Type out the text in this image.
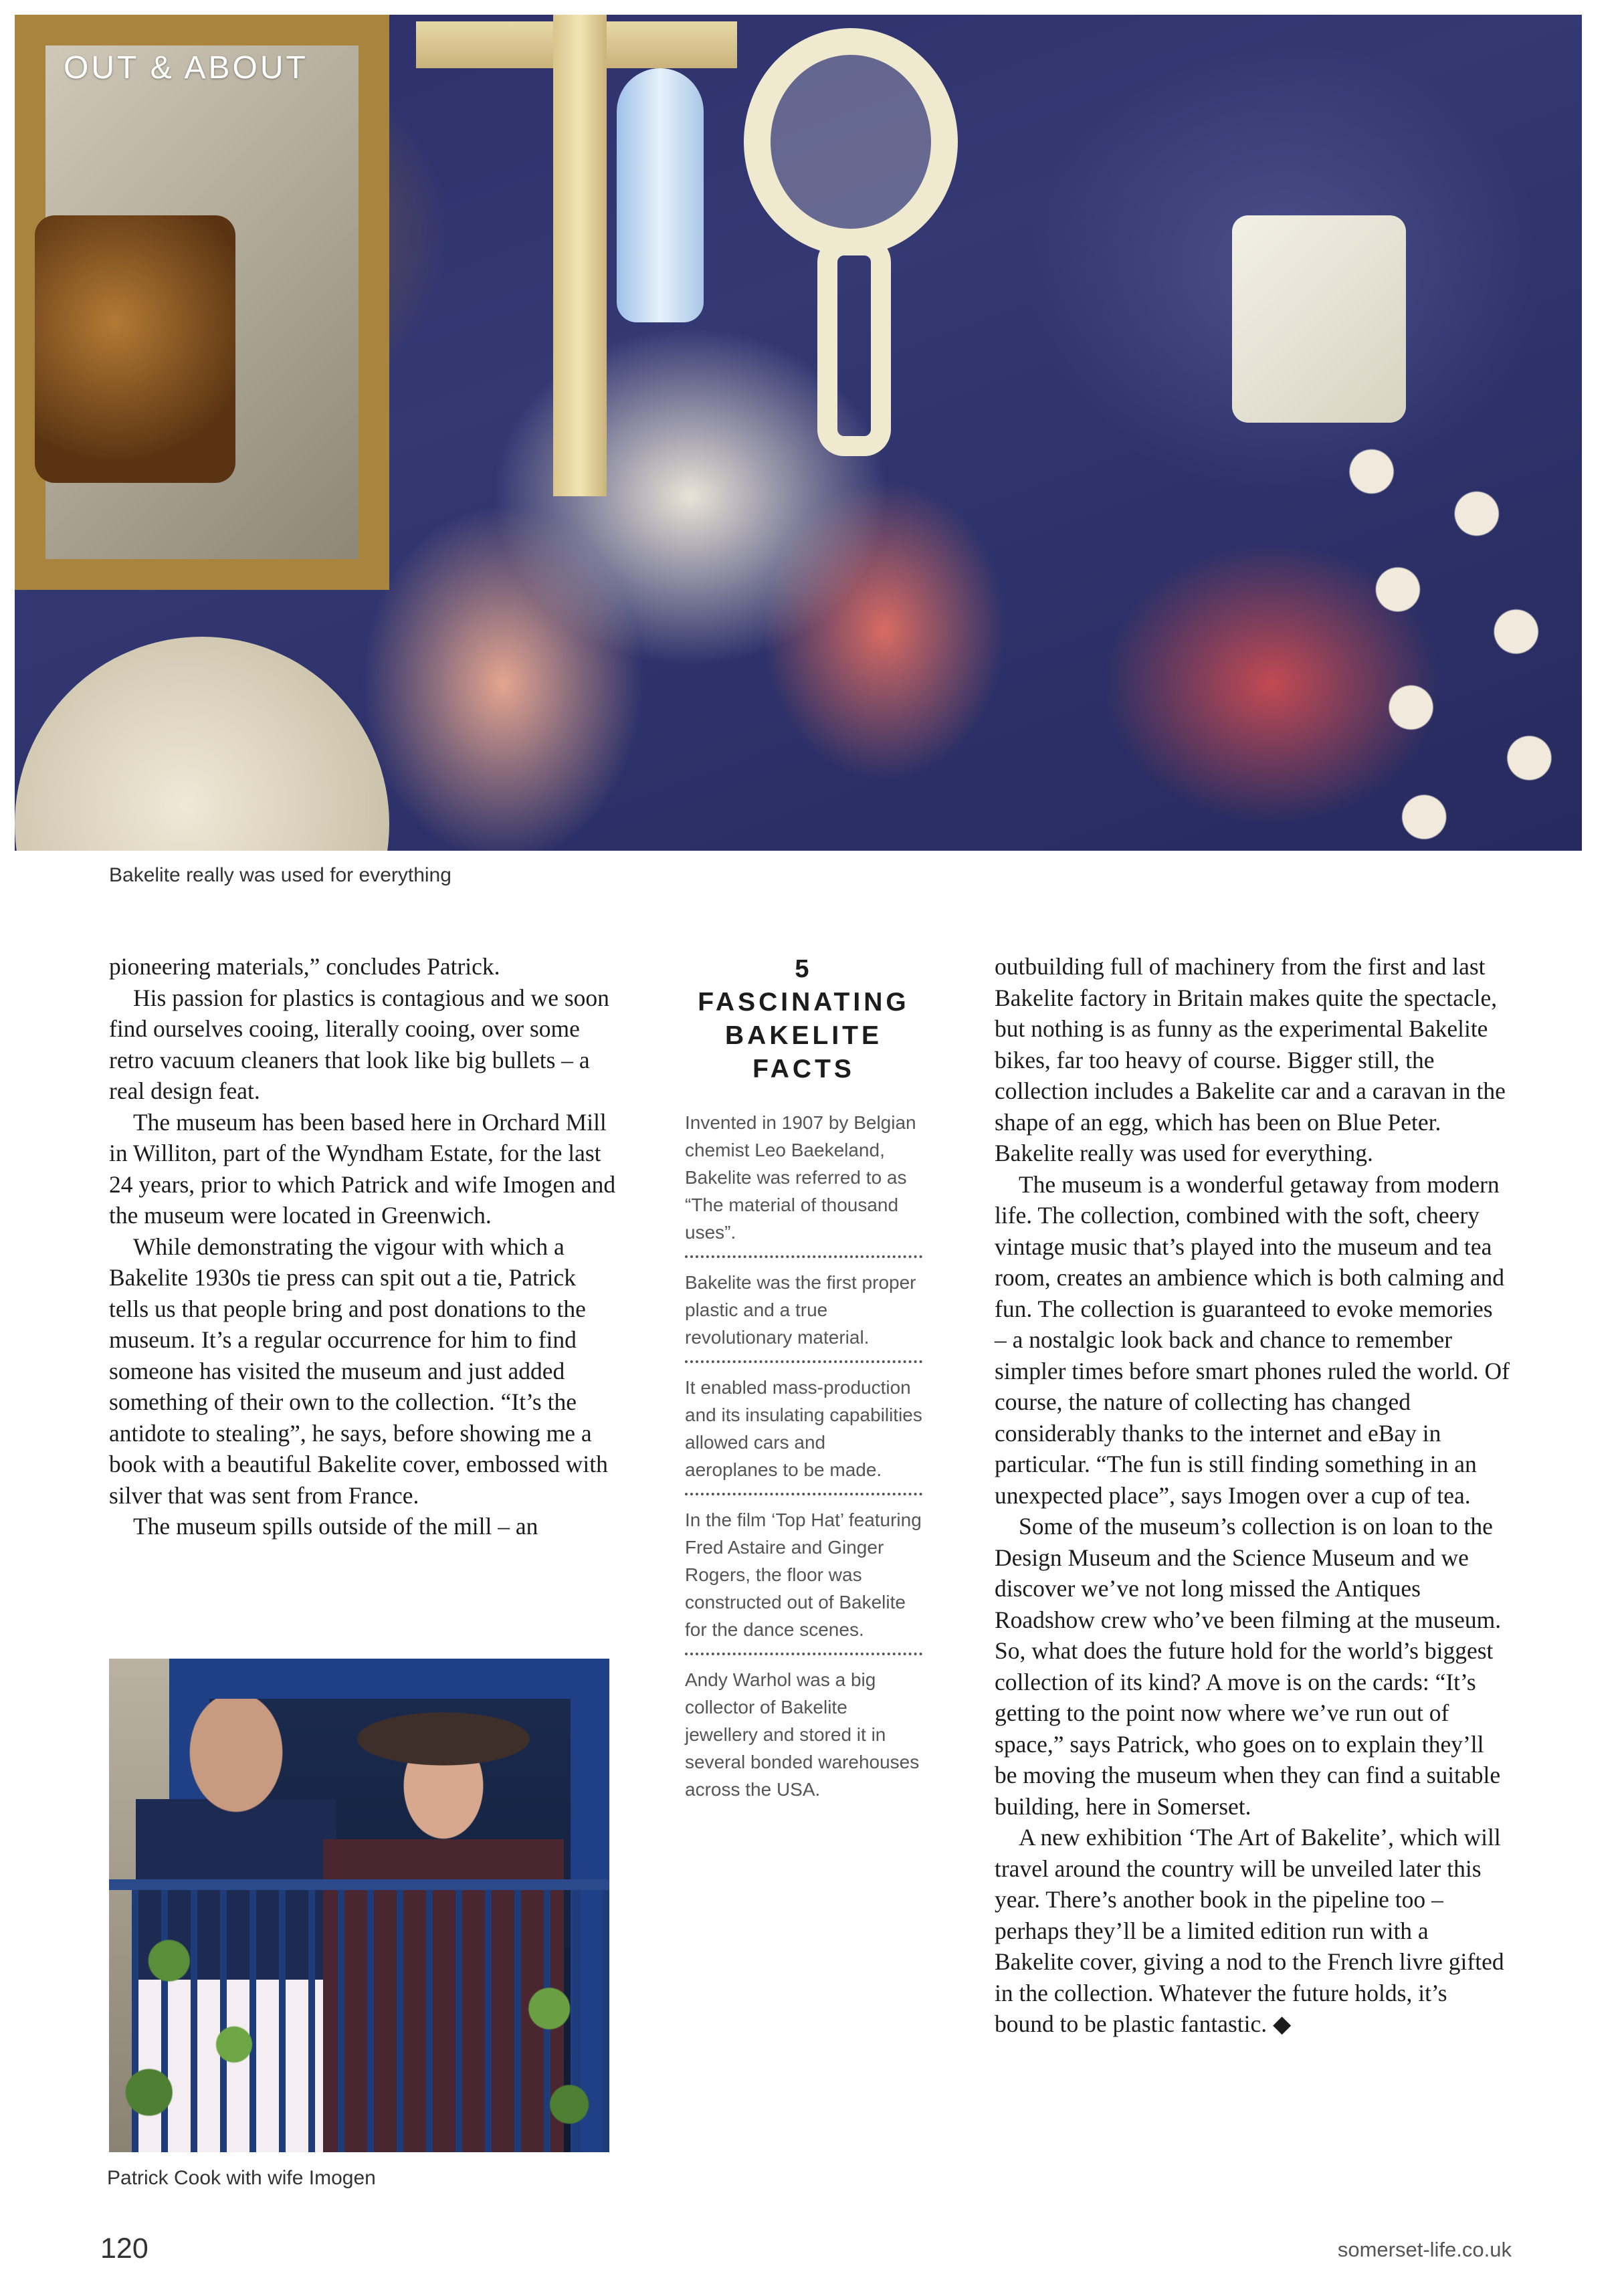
OUT & ABOUT

Bakelite really was used for everything

pioneering materials,” concludes Patrick.

His passion for plastics is contagious and we soon find ourselves cooing, literally cooing, over some retro vacuum cleaners that look like big bullets – a real design feat.

The museum has been based here in Orchard Mill in Williton, part of the Wyndham Estate, for the last 24 years, prior to which Patrick and wife Imogen and the museum were located in Greenwich.

While demonstrating the vigour with which a Bakelite 1930s tie press can spit out a tie, Patrick tells us that people bring and post donations to the museum. It’s a regular occurrence for him to find someone has visited the museum and just added something of their own to the collection. “It’s the antidote to stealing”, he says, before showing me a book with a beautiful Bakelite cover, embossed with silver that was sent from France.

The museum spills outside of the mill – an

5
FASCINATING BAKELITE FACTS
Invented in 1907 by Belgian chemist Leo Baekeland, Bakelite was referred to as “The material of thousand uses”.
Bakelite was the first proper plastic and a true revolutionary material.
It enabled mass-production and its insulating capabilities allowed cars and aeroplanes to be made.
In the film ‘Top Hat’ featuring Fred Astaire and Ginger Rogers, the floor was constructed out of Bakelite for the dance scenes.
Andy Warhol was a big collector of Bakelite jewellery and stored it in several bonded warehouses across the USA.

outbuilding full of machinery from the first and last Bakelite factory in Britain makes quite the spectacle, but nothing is as funny as the experimental Bakelite bikes, far too heavy of course. Bigger still, the collection includes a Bakelite car and a caravan in the shape of an egg, which has been on Blue Peter. Bakelite really was used for everything.

The museum is a wonderful getaway from modern life. The collection, combined with the soft, cheery vintage music that’s played into the museum and tea room, creates an ambience which is both calming and fun. The collection is guaranteed to evoke memories – a nostalgic look back and chance to remember simpler times before smart phones ruled the world. Of course, the nature of collecting has changed considerably thanks to the internet and eBay in particular. “The fun is still finding something in an unexpected place”, says Imogen over a cup of tea.

Some of the museum’s collection is on loan to the Design Museum and the Science Museum and we discover we’ve not long missed the Antiques Roadshow crew who’ve been filming at the museum. So, what does the future hold for the world’s biggest collection of its kind? A move is on the cards: “It’s getting to the point now where we’ve run out of space,” says Patrick, who goes on to explain they’ll be moving the museum when they can find a suitable building, here in Somerset.

A new exhibition ‘The Art of Bakelite’, which will travel around the country will be unveiled later this year. There’s another book in the pipeline too – perhaps they’ll be a limited edition run with a Bakelite cover, giving a nod to the French livre gifted in the collection. Whatever the future holds, it’s bound to be plastic fantastic. ◆

Patrick Cook with wife Imogen

120	somerset-life.co.uk
